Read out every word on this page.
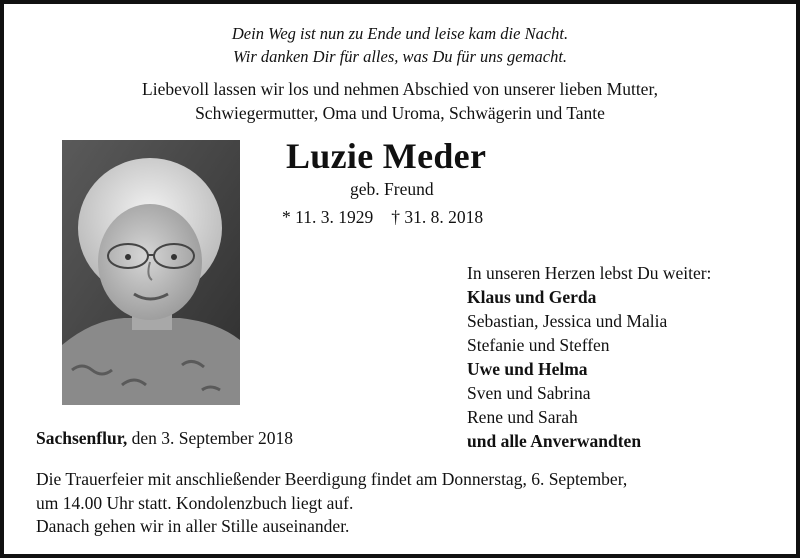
Dein Weg ist nun zu Ende und leise kam die Nacht.
Wir danken Dir für alles, was Du für uns gemacht.
Liebevoll lassen wir los und nehmen Abschied von unserer lieben Mutter,
Schwiegermutter, Oma und Uroma, Schwägerin und Tante
Luzie Meder
geb. Freund
* 11. 3. 1929 † 31. 8. 2018
In unseren Herzen lebst Du weiter:
Klaus und Gerda
Sebastian, Jessica und Malia
Stefanie und Steffen
Uwe und Helma
Sven und Sabrina
Rene und Sarah
und alle Anverwandten
Sachsenflur, den 3. September 2018
Die Trauerfeier mit anschließender Beerdigung findet am Donnerstag, 6. September,
um 14.00 Uhr statt. Kondolenzbuch liegt auf.
Danach gehen wir in aller Stille auseinander.
